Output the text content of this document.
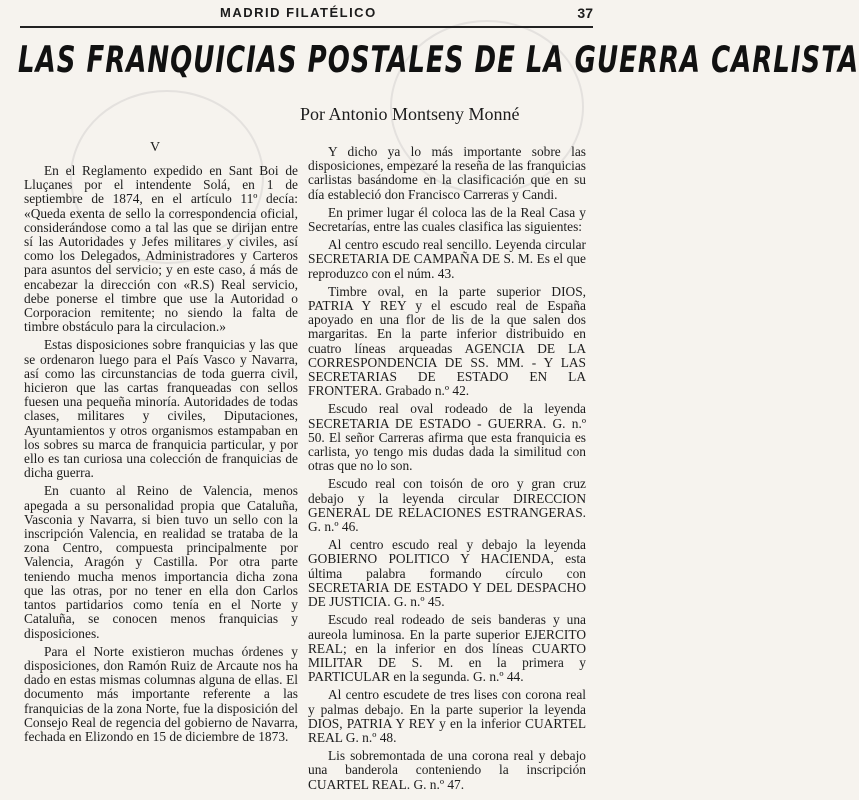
MADRID FILATÉLICO	37
LAS FRANQUICIAS POSTALES DE LA GUERRA CARLISTA
Por Antonio Montseny Monné
V

En el Reglamento expedido en Sant Boi de Lluçanes por el intendente Solá, en 1 de septiembre de 1874, en el artículo 11º decía: «Queda exenta de sello la correspondencia oficial, considerándose como a tal las que se dirijan entre sí las Autoridades y Jefes militares y civiles, así como los Delegados, Administradores y Carteros para asuntos del servicio; y en este caso, á más de encabezar la dirección con «R.S) Real servicio, debe ponerse el timbre que use la Autoridad o Corporacion remitente; no siendo la falta de timbre obstáculo para la circulacion.»

Estas disposiciones sobre franquicias y las que se ordenaron luego para el País Vasco y Navarra, así como las circunstancias de toda guerra civil, hicieron que las cartas franqueadas con sellos fuesen una pequeña minoría. Autoridades de todas clases, militares y civiles, Diputaciones, Ayuntamientos y otros organismos estampaban en los sobres su marca de franquicia particular, y por ello es tan curiosa una colección de franquicias de dicha guerra.

En cuanto al Reino de Valencia, menos apegada a su personalidad propia que Cataluña, Vasconia y Navarra, si bien tuvo un sello con la inscripción Valencia, en realidad se trataba de la zona Centro, compuesta principalmente por Valencia, Aragón y Castilla. Por otra parte teniendo mucha menos importancia dicha zona que las otras, por no tener en ella don Carlos tantos partidarios como tenía en el Norte y Cataluña, se conocen menos franquicias y disposiciones.

Para el Norte existieron muchas órdenes y disposiciones, don Ramón Ruiz de Arcaute nos ha dado en estas mismas columnas alguna de ellas. El documento más importante referente a las franquicias de la zona Norte, fue la disposición del Consejo Real de regencia del gobierno de Navarra, fechada en Elizondo en 15 de diciembre de 1873.

Y dicho ya lo más importante sobre las disposiciones, empezaré la reseña de las franquicias carlistas basándome en la clasificación que en su día estableció don Francisco Carreras y Candi.

En primer lugar él coloca las de la Real Casa y Secretarías, entre las cuales clasifica las siguientes:

Al centro escudo real sencillo. Leyenda circular SECRETARIA DE CAMPAÑA DE S. M. Es el que reproduzco con el núm. 43.

Timbre oval, en la parte superior DIOS, PATRIA Y REY y el escudo real de España apoyado en una flor de lis de la que salen dos margaritas. En la parte inferior distribuido en cuatro líneas arqueadas AGENCIA DE LA CORRESPONDENCIA DE SS. MM. - Y LAS SECRETARIAS DE ESTADO EN LA FRONTERA. Grabado n.º 42.

Escudo real oval rodeado de la leyenda SECRETARIA DE ESTADO - GUERRA. G. n.º 50. El señor Carreras afirma que esta franquicia es carlista, yo tengo mis dudas dada la similitud con otras que no lo son.

Escudo real con toisón de oro y gran cruz debajo y la leyenda circular DIRECCION GENERAL DE RELACIONES ESTRANGERAS. G. n.º 46.

Al centro escudo real y debajo la leyenda GOBIERNO POLITICO Y HACIENDA, esta última palabra formando círculo con SECRETARIA DE ESTADO Y DEL DESPACHO DE JUSTICIA. G. n.º 45.

Escudo real rodeado de seis banderas y una aureola luminosa. En la parte superior EJERCITO REAL; en la inferior en dos líneas CUARTO MILITAR DE S. M. en la primera y PARTICULAR en la segunda. G. n.º 44.

Al centro escudete de tres lises con corona real y palmas debajo. En la parte superior la leyenda DIOS, PATRIA Y REY y en la inferior CUARTEL REAL G. n.º 48.

Lis sobremontada de una corona real y debajo una banderola conteniendo la inscripción CUARTEL REAL. G. n.º 47.
